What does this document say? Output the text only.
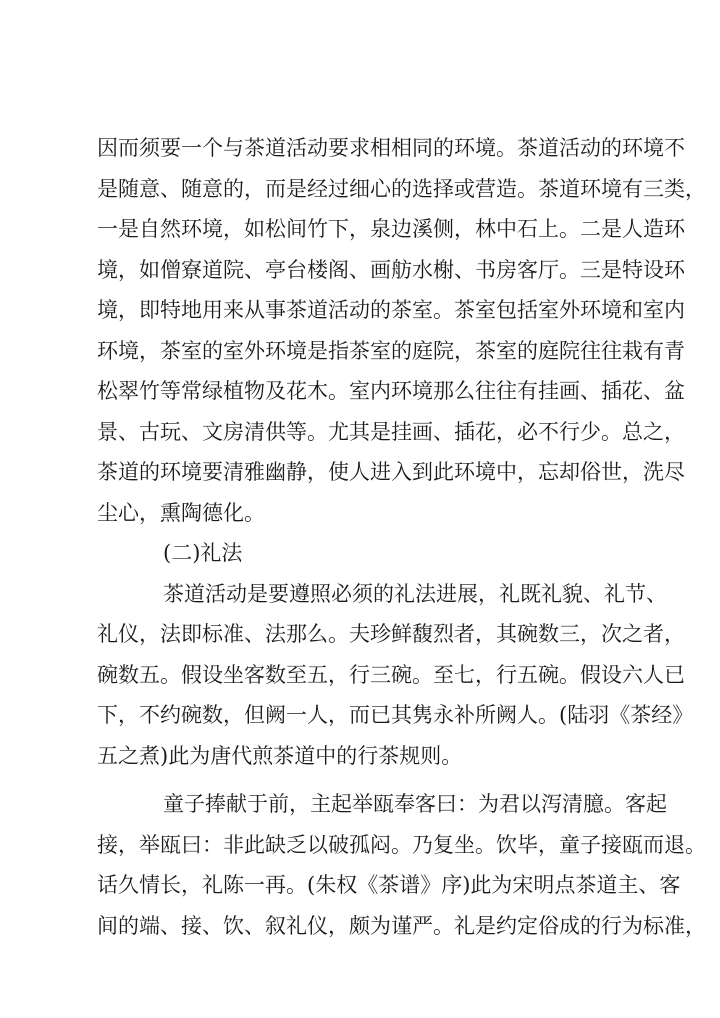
因而须要一个与茶道活动要求相相同的环境。茶道活动的环境不
是随意、随意的，而是经过细心的选择或营造。茶道环境有三类，
一是自然环境，如松间竹下，泉边溪侧，林中石上。二是人造环
境，如僧寮道院、亭台楼阁、画舫水榭、书房客厅。三是特设环
境，即特地用来从事茶道活动的茶室。茶室包括室外环境和室内
环境，茶室的室外环境是指茶室的庭院，茶室的庭院往往栽有青
松翠竹等常绿植物及花木。室内环境那么往往有挂画、插花、盆
景、古玩、文房清供等。尤其是挂画、插花，必不行少。总之，
茶道的环境要清雅幽静，使人进入到此环境中，忘却俗世，洗尽
尘心，熏陶德化。
(二)礼法
茶道活动是要遵照必须的礼法进展，礼既礼貌、礼节、
礼仪，法即标准、法那么。夫珍鲜馥烈者，其碗数三，次之者，
碗数五。假设坐客数至五，行三碗。至七，行五碗。假设六人已
下，不约碗数，但阙一人，而已其隽永补所阙人。(陆羽《茶经》
五之煮)此为唐代煎茶道中的行茶规则。
童子捧献于前，主起举瓯奉客曰：为君以泻清臆。客起
接，举瓯曰：非此缺乏以破孤闷。乃复坐。饮毕，童子接瓯而退。
话久情长，礼陈一再。(朱权《茶谱》序)此为宋明点茶道主、客
间的端、接、饮、叙礼仪，颇为谨严。礼是约定俗成的行为标准，
